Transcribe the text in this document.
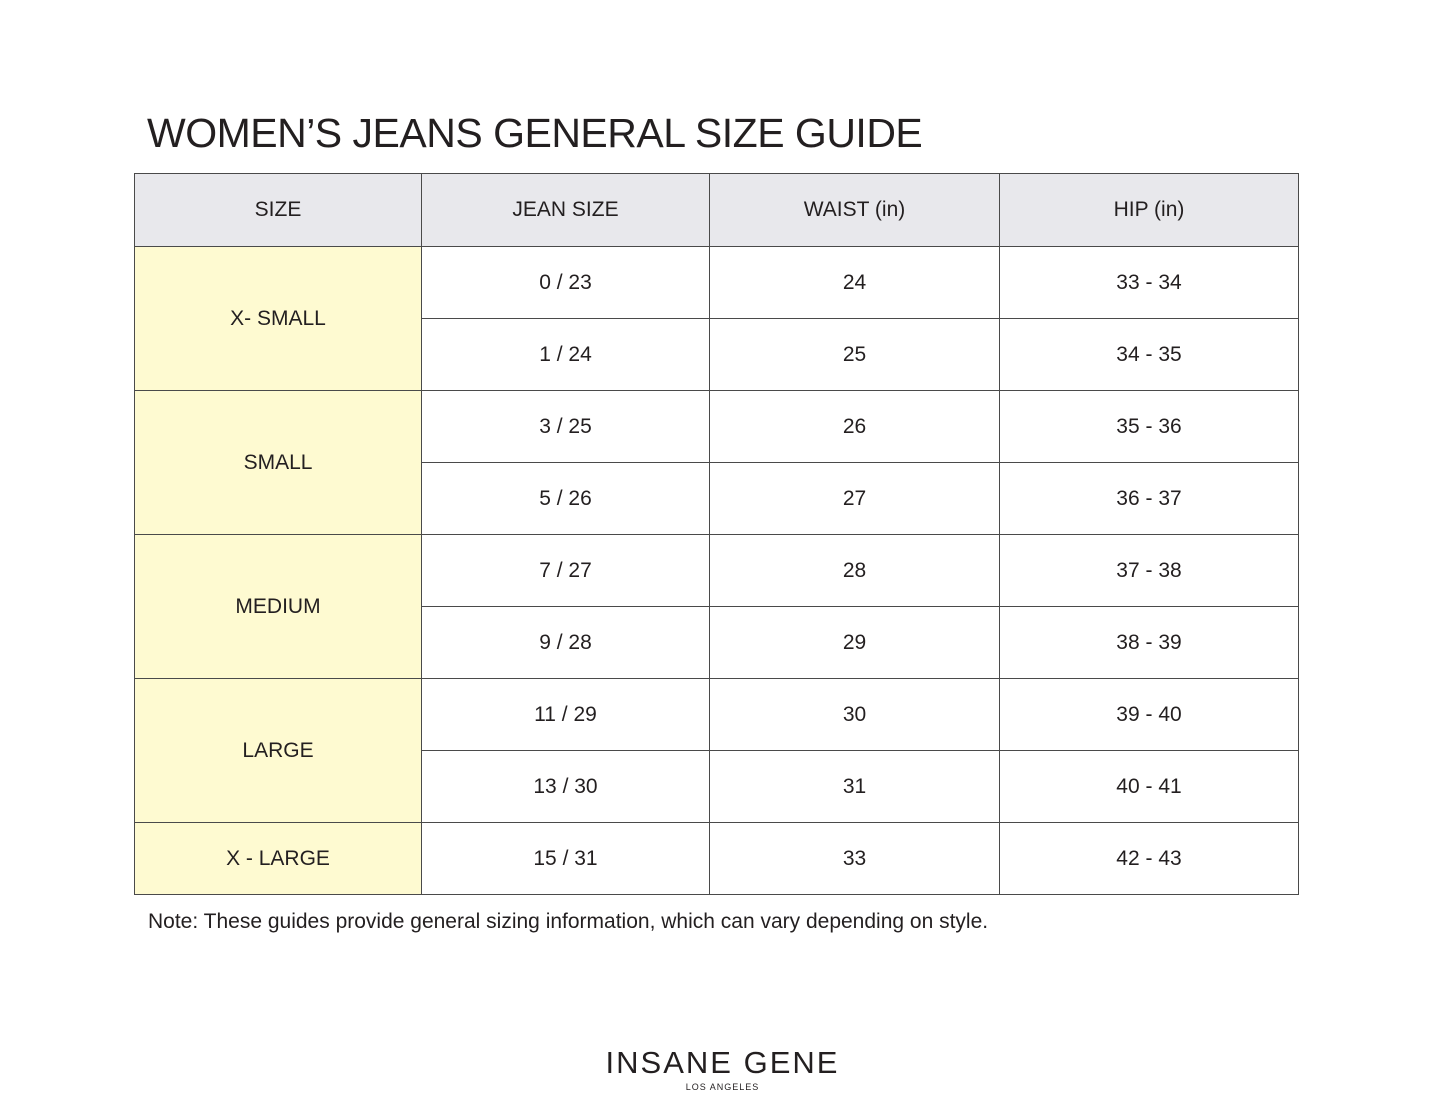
WOMEN’S JEANS GENERAL SIZE GUIDE
SIZE	JEAN SIZE	WAIST (in)	HIP (in)
X- SMALL	0 / 23	24	33 - 34
	1 / 24	25	34 - 35
SMALL	3 / 25	26	35 - 36
	5 / 26	27	36 - 37
MEDIUM	7 / 27	28	37 - 38
	9 / 28	29	38 - 39
LARGE	11 / 29	30	39 - 40
	13 / 30	31	40 - 41
X - LARGE	15 / 31	33	42 - 43

Note: These guides provide general sizing information, which can vary depending on style.

INSANE GENE
LOS ANGELES
